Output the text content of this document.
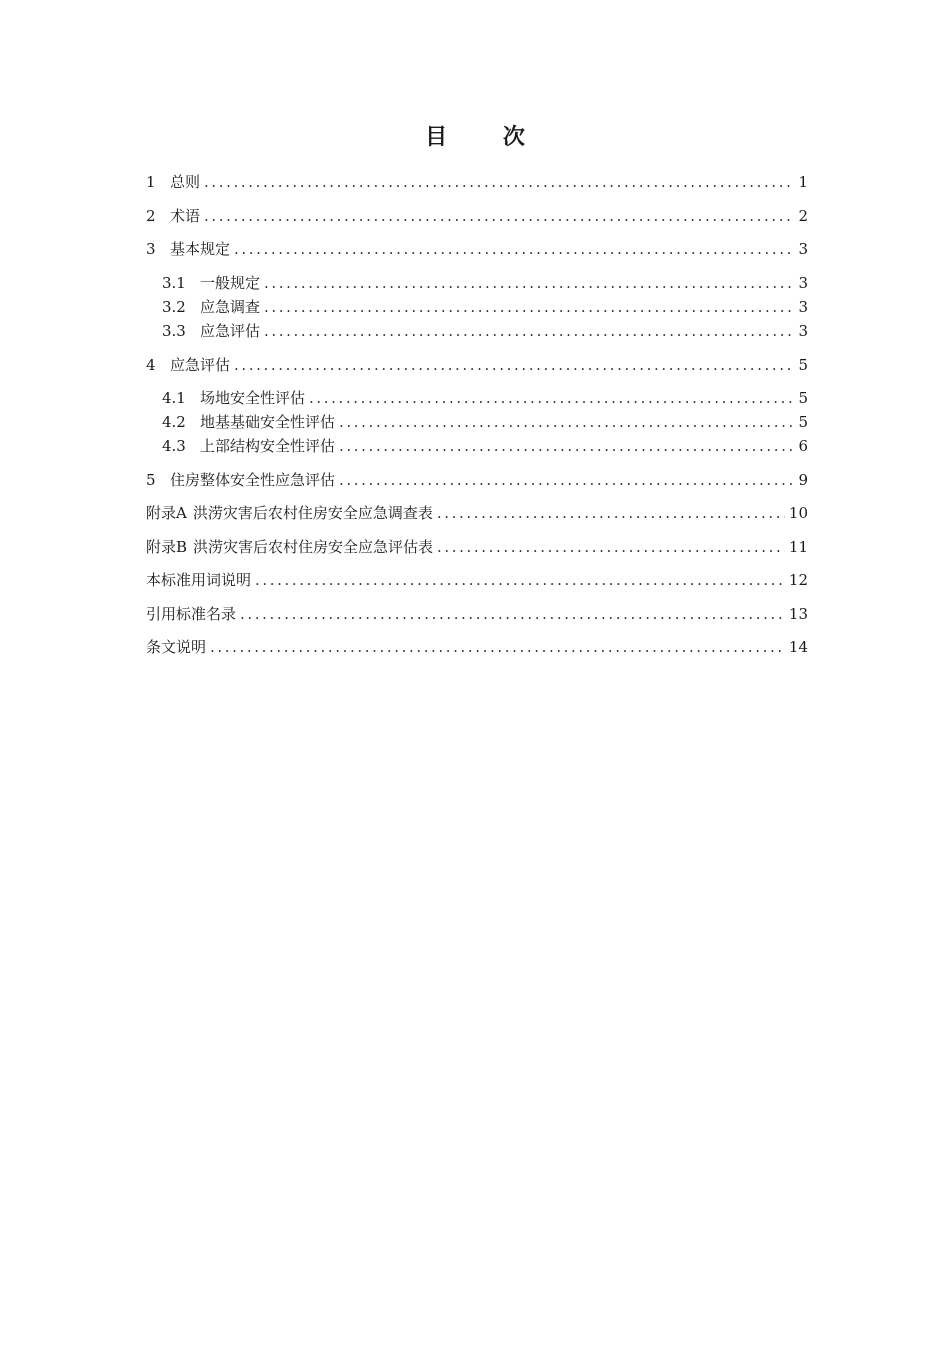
目 次
1 总则 .....	1
2 术语 .....	2
3 基本规定 .....	3
3.1 一般规定 .....	3
3.2 应急调查 .....	3
3.3 应急评估 .....	3
4 应急评估 .....	5
4.1 场地安全性评估 .....	5
4.2 地基基础安全性评估 .....	5
4.3 上部结构安全性评估 .....	6
5 住房整体安全性应急评估 .....	9
附录A 洪涝灾害后农村住房安全应急调查表 .....	10
附录B 洪涝灾害后农村住房安全应急评估表 .....	11
本标准用词说明 .....	12
引用标准名录 .....	13
条文说明 .....	14
